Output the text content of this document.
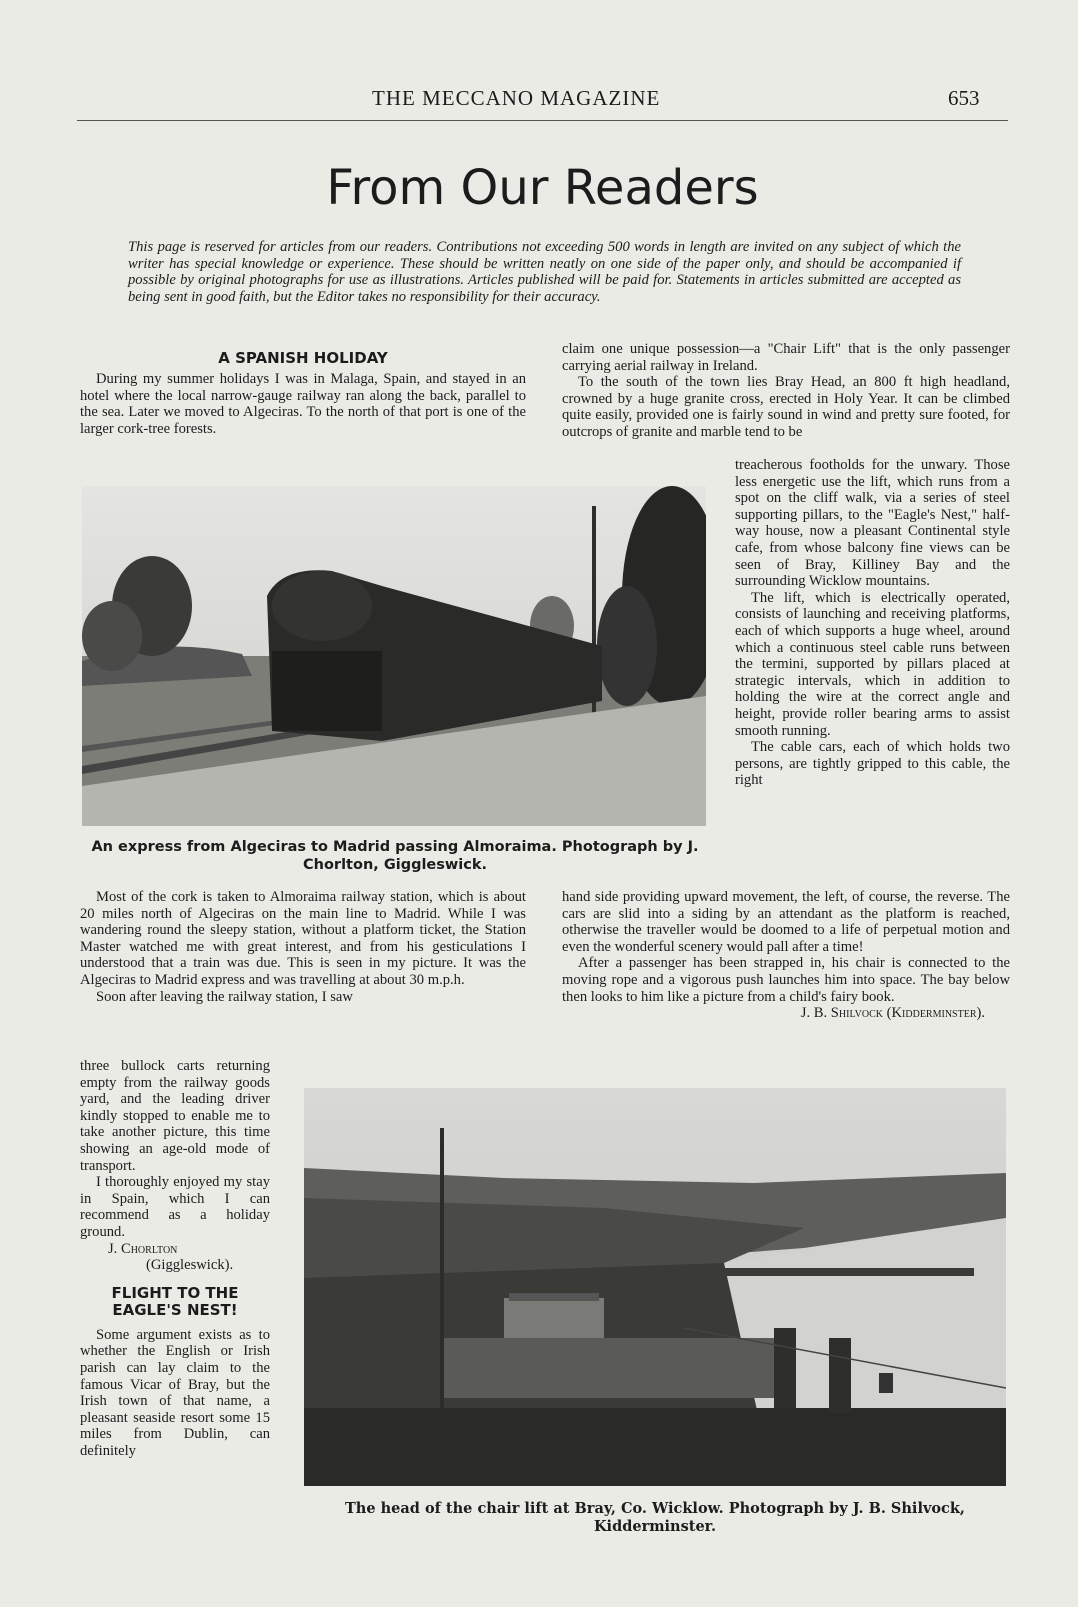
THE MECCANO MAGAZINE	653
From Our Readers

This page is reserved for articles from our readers. Contributions not exceeding 500 words in length are invited on any subject of which the writer has special knowledge or experience. These should be written neatly on one side of the paper only, and should be accompanied if possible by original photographs for use as illustrations. Articles published will be paid for. Statements in articles submitted are accepted as being sent in good faith, but the Editor takes no responsibility for their accuracy.

A SPANISH HOLIDAY

During my summer holidays I was in Malaga, Spain, and stayed in an hotel where the local narrow-gauge railway ran along the back, parallel to the sea. Later we moved to Algeciras. To the north of that port is one of the larger cork-tree forests.

An express from Algeciras to Madrid passing Almoraima. Photograph by J. Chorlton, Giggleswick.

Most of the cork is taken to Almoraima railway station, which is about 20 miles north of Algeciras on the main line to Madrid. While I was wandering round the sleepy station, without a platform ticket, the Station Master watched me with great interest, and from his gesticulations I understood that a train was due. This is seen in my picture. It was the Algeciras to Madrid express and was travelling at about 30 m.p.h.

Soon after leaving the railway station, I saw

three bullock carts returning empty from the railway goods yard, and the leading driver kindly stopped to enable me to take another picture, this time showing an age-old mode of transport.

I thoroughly enjoyed my stay in Spain, which I can recommend as a holiday ground.

J. Chorlton
(Giggleswick).
FLIGHT TO THE EAGLE'S NEST!

Some argument exists as to whether the English or Irish parish can lay claim to the famous Vicar of Bray, but the Irish town of that name, a pleasant seaside resort some 15 miles from Dublin, can definitely

claim one unique possession—a "Chair Lift" that is the only passenger carrying aerial railway in Ireland.

To the south of the town lies Bray Head, an 800 ft high headland, crowned by a huge granite cross, erected in Holy Year. It can be climbed quite easily, provided one is fairly sound in wind and pretty sure footed, for outcrops of granite and marble tend to be

treacherous footholds for the unwary. Those less energetic use the lift, which runs from a spot on the cliff walk, via a series of steel supporting pillars, to the "Eagle's Nest," half-way house, now a pleasant Continental style cafe, from whose balcony fine views can be seen of Bray, Killiney Bay and the surrounding Wicklow mountains.

The lift, which is electrically operated, consists of launching and receiving platforms, each of which supports a huge wheel, around which a continuous steel cable runs between the termini, supported by pillars placed at strategic intervals, which in addition to holding the wire at the correct angle and height, provide roller bearing arms to assist smooth running.

The cable cars, each of which holds two persons, are tightly gripped to this cable, the right

hand side providing upward movement, the left, of course, the reverse. The cars are slid into a siding by an attendant as the platform is reached, otherwise the traveller would be doomed to a life of perpetual motion and even the wonderful scenery would pall after a time!

After a passenger has been strapped in, his chair is connected to the moving rope and a vigorous push launches him into space. The bay below then looks to him like a picture from a child's fairy book.

J. B. Shilvock (Kidderminster).
The head of the chair lift at Bray, Co. Wicklow. Photograph by J. B. Shilvock, Kidderminster.
